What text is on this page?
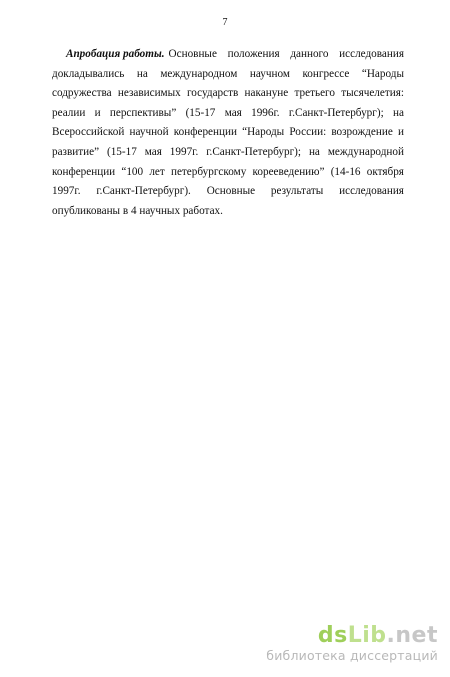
7
Апробация работы. Основные положения данного исследования
докладывались на международном научном конгрессе “Народы
содружества независимых государств накануне третьего тысячелетия:
реалии и перспективы” (15-17 мая 1996г. г.Санкт-Петербург); на
Всероссийской научной конференции “Народы России: возрождение и
развитие” (15-17 мая 1997г. г.Санкт-Петербург); на международной
конференции “100 лет петербургскому корееведению” (14-16 октября
1997г. г.Санкт-Петербург). Основные результаты исследования
опубликованы в 4 научных работах.
dsLib.net
библиотека диссертаций
